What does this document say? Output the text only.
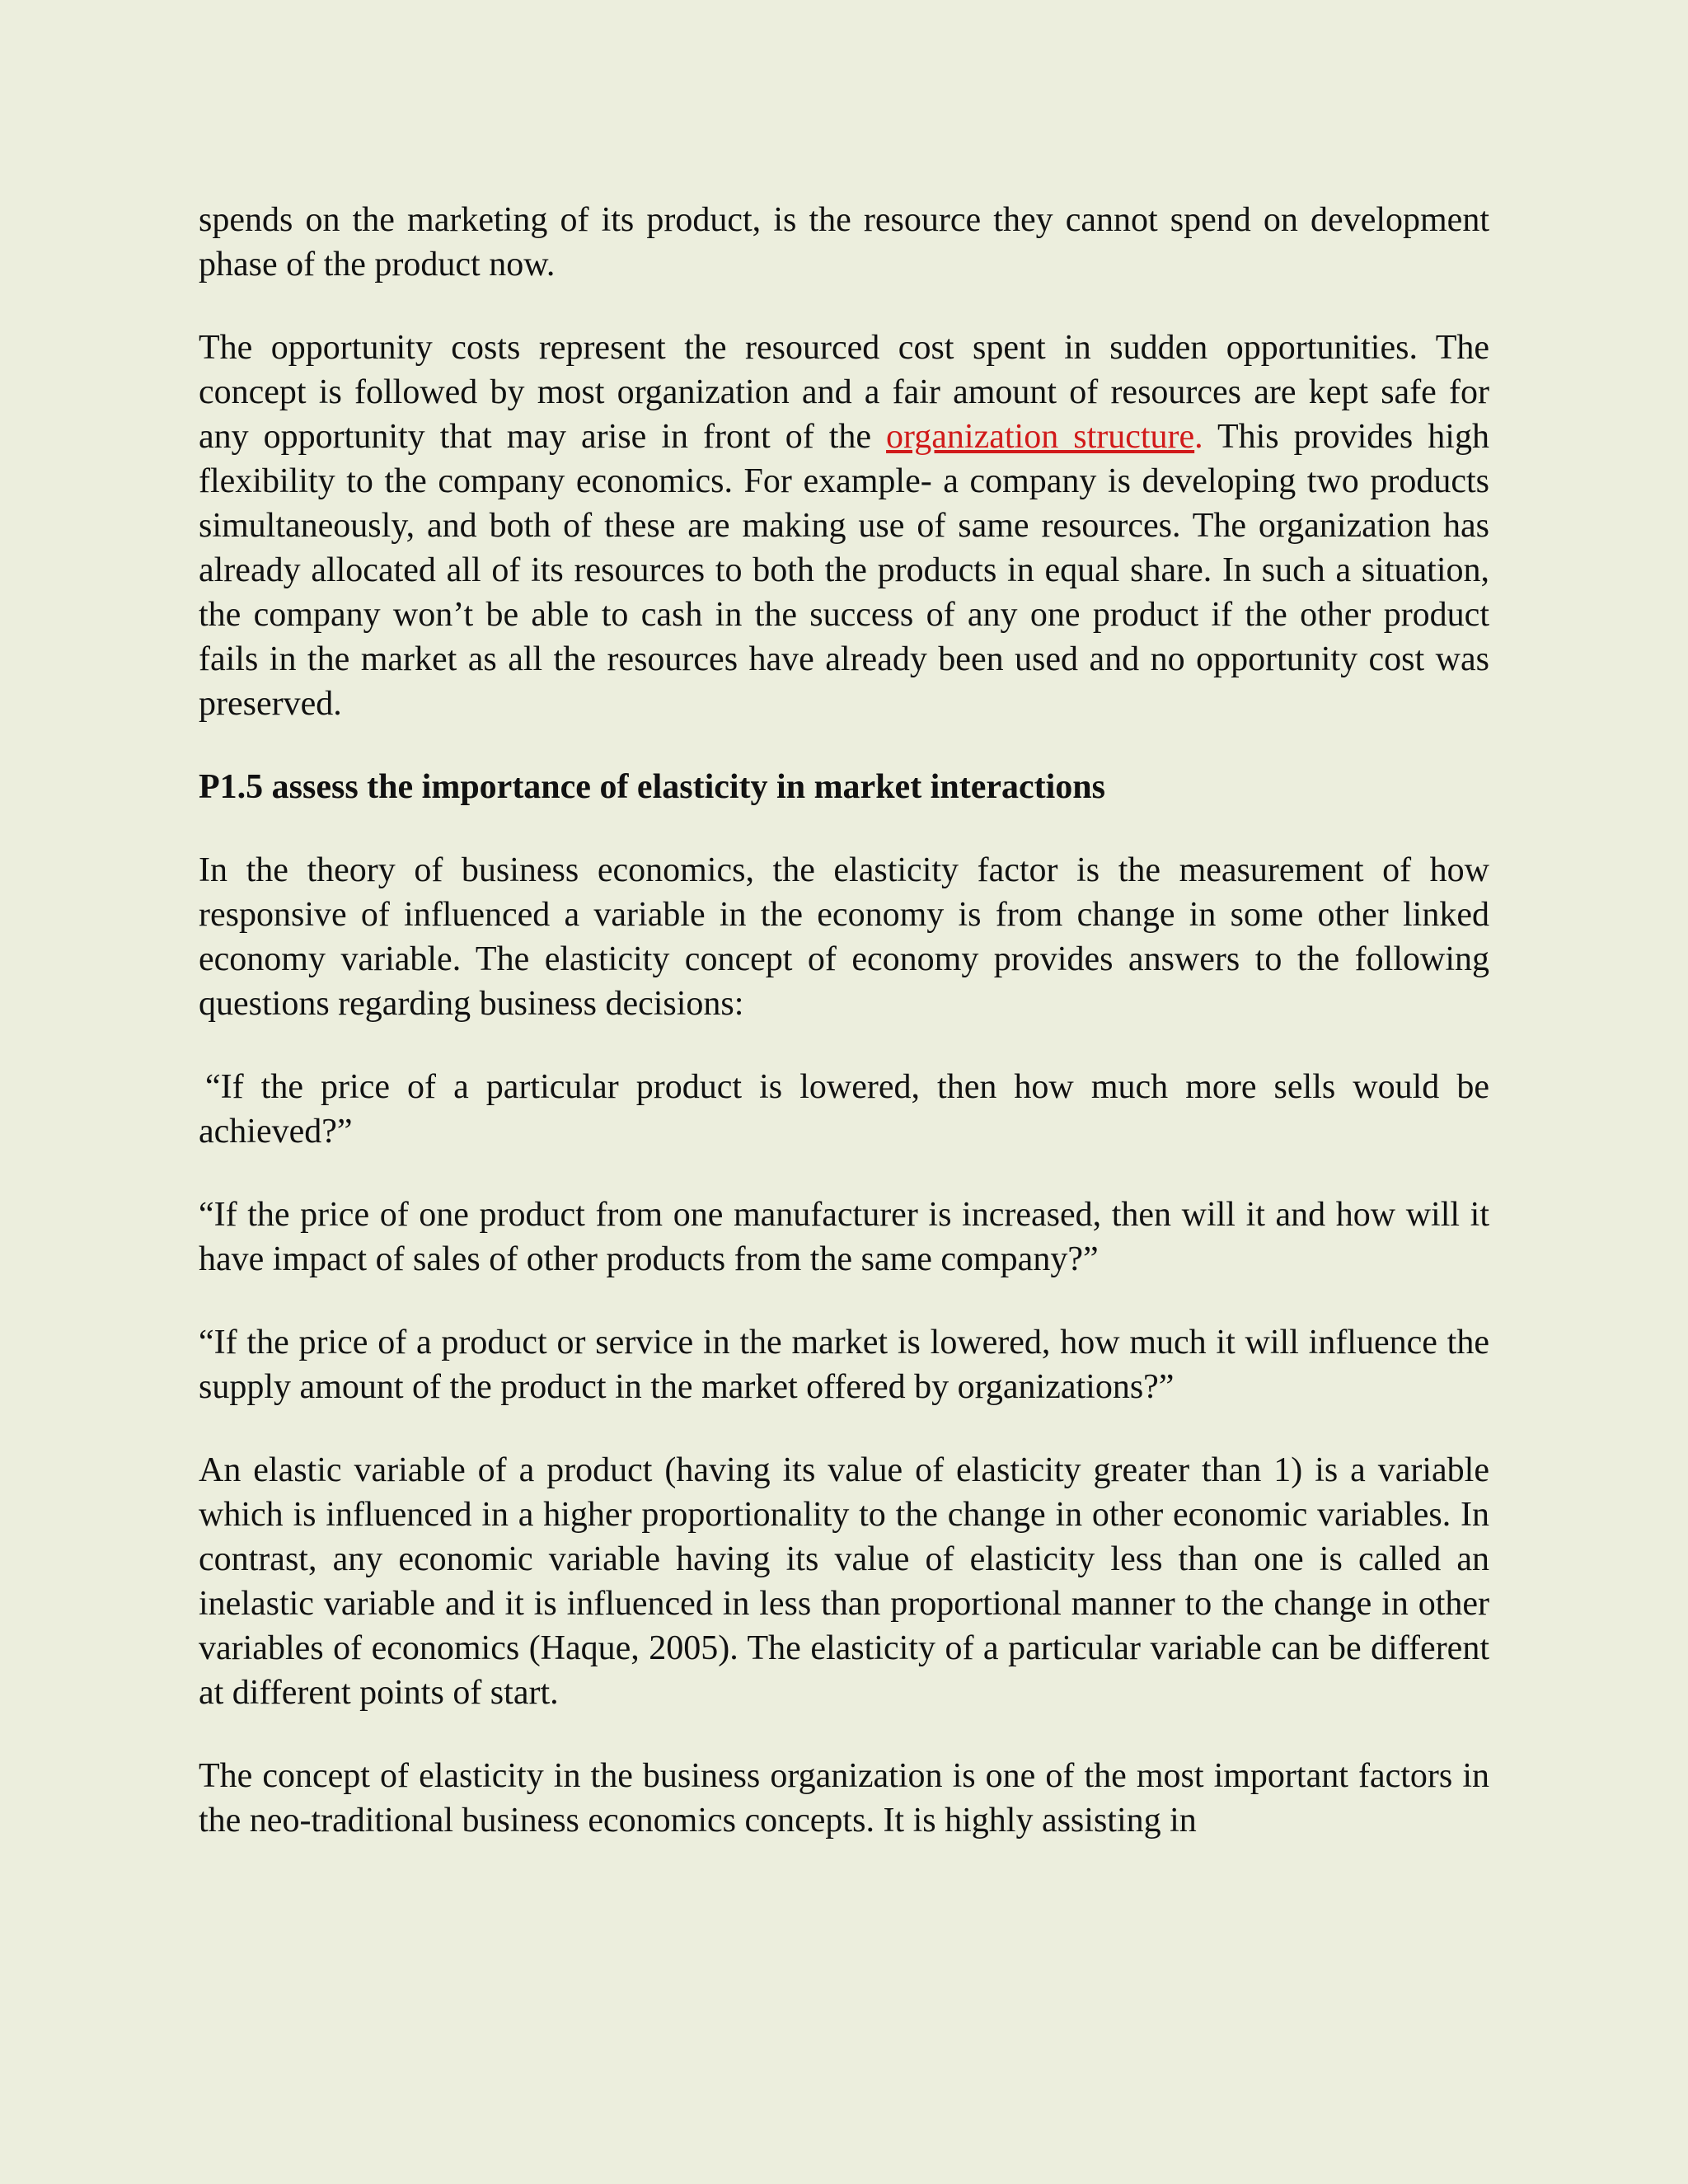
spends on the marketing of its product, is the resource they cannot spend on development phase of the product now.

The opportunity costs represent the resourced cost spent in sudden opportunities. The concept is followed by most organization and a fair amount of resources are kept safe for any opportunity that may arise in front of the organization structure. This provides high flexibility to the company economics. For example- a company is developing two products simultaneously, and both of these are making use of same resources. The organization has already allocated all of its resources to both the products in equal share. In such a situation, the company won’t be able to cash in the success of any one product if the other product fails in the market as all the resources have already been used and no opportunity cost was preserved.

P1.5 assess the importance of elasticity in market interactions

In the theory of business economics, the elasticity factor is the measurement of how responsive of influenced a variable in the economy is from change in some other linked economy variable. The elasticity concept of economy provides answers to the following questions regarding business decisions:

“If the price of a particular product is lowered, then how much more sells would be achieved?”

“If the price of one product from one manufacturer is increased, then will it and how will it have impact of sales of other products from the same company?”

“If the price of a product or service in the market is lowered, how much it will influence the supply amount of the product in the market offered by organizations?”

An elastic variable of a product (having its value of elasticity greater than 1) is a variable which is influenced in a higher proportionality to the change in other economic variables. In contrast, any economic variable having its value of elasticity less than one is called an inelastic variable and it is influenced in less than proportional manner to the change in other variables of economics (Haque, 2005). The elasticity of a particular variable can be different at different points of start.

The concept of elasticity in the business organization is one of the most important factors in the neo-traditional business economics concepts. It is highly assisting in
